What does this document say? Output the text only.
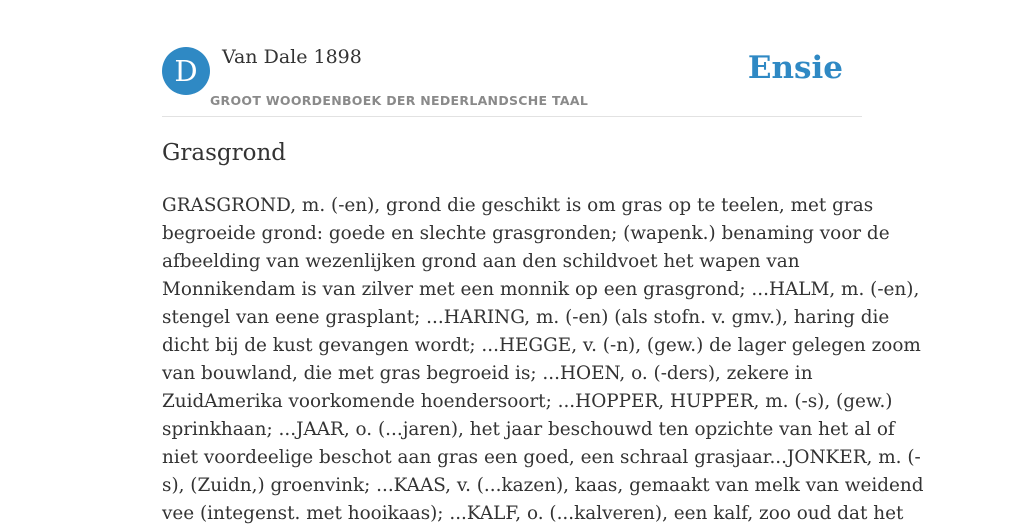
D	Van Dale 1898
GROOT WOORDENBOEK DER NEDERLANDSCHE TAAL
Ensie
Grasgrond
GRASGROND, m. (-en), grond die geschikt is om gras op te teelen, met gras
begroeide grond: goede en slechte grasgronden; (wapenk.) benaming voor de
afbeelding van wezenlijken grond aan den schildvoet het wapen van
Monnikendam is van zilver met een monnik op een grasgrond; ...HALM, m. (-en),
stengel van eene grasplant; ...HARING, m. (-en) (als stofn. v. gmv.), haring die
dicht bij de kust gevangen wordt; ...HEGGE, v. (-n), (gew.) de lager gelegen zoom
van bouwland, die met gras begroeid is; ...HOEN, o. (-ders), zekere in
ZuidAmerika voorkomende hoendersoort; ...HOPPER, HUPPER, m. (-s), (gew.)
sprinkhaan; ...JAAR, o. (...jaren), het jaar beschouwd ten opzichte van het al of
niet voordeelige beschot aan gras een goed, een schraal grasjaar...JONKER, m. (-
s), (Zuidn,) groenvink; ...KAAS, v. (...kazen), kaas, gemaakt van melk van weidend
vee (integenst. met hooikaas); ...KALF, o. (...kalveren), een kalf, zoo oud dat het
